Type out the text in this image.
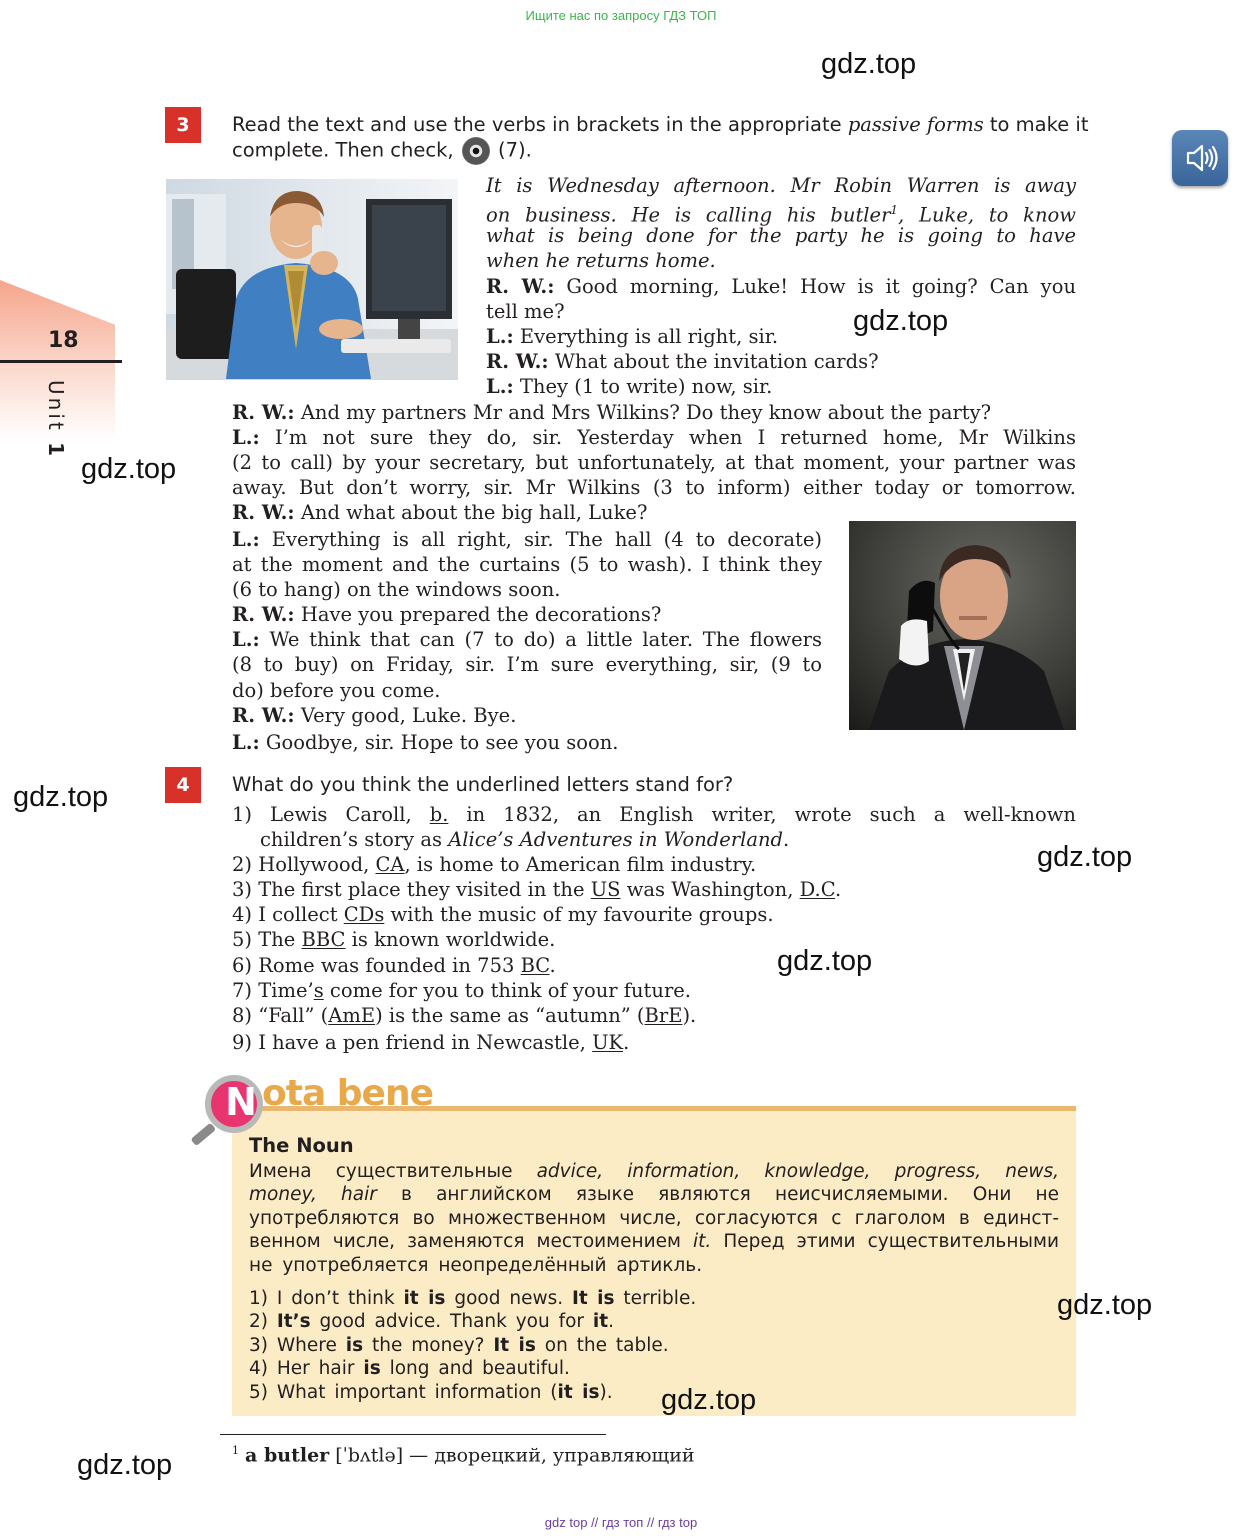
Ищите нас по запросу ГДЗ ТОП
18
Unit 1
3	Read the text and use the verbs in brackets in the appropriate passive forms to make it
complete. Then check, (7).
It is Wednesday afternoon. Mr Robin Warren is away
on business. He is calling his butler$^1$, Luke, to know
what is being done for the party he is going to have
when he returns home.
R. W.: Good morning, Luke! How is it going? Can you
tell me?
L.: Everything is all right, sir.
R. W.: What about the invitation cards?
L.: They (1 to write) now, sir.
R. W.: And my partners Mr and Mrs Wilkins? Do they know about the party?
L.: I’m not sure they do, sir. Yesterday when I returned home, Mr Wilkins
(2 to call) by your secretary, but unfortunately, at that moment, your partner was
away. But don’t worry, sir. Mr Wilkins (3 to inform) either today or tomorrow.
R. W.: And what about the big hall, Luke?
L.: Everything is all right, sir. The hall (4 to decorate)
at the moment and the curtains (5 to wash). I think they
(6 to hang) on the windows soon.
R. W.: Have you prepared the decorations?
L.: We think that can (7 to do) a little later. The flowers
(8 to buy) on Friday, sir. I’m sure everything, sir, (9 to
do) before you come.
R. W.: Very good, Luke. Bye.
L.: Goodbye, sir. Hope to see you soon.
4	What do you think the underlined letters stand for?
1) Lewis Caroll, b. in 1832, an English writer, wrote such a well-known
children’s story as Alice’s Adventures in Wonderland.
2) Hollywood, CA, is home to American film industry.
3) The first place they visited in the US was Washington, D.C.
4) I collect CDs with the music of my favourite groups.
5) The BBC is known worldwide.
6) Rome was founded in 753 BC.
7) Time’s come for you to think of your future.
8) “Fall” (AmE) is the same as “autumn” (BrE).
9) I have a pen friend in Newcastle, UK.
N ota bene
The Noun
Имена существительные advice, information, knowledge, progress, news,
money, hair в английском языке являются неисчисляемыми. Они не
употребляются во множественном числе, согласуются с глаголом в единст-
венном числе, заменяются местоимением it. Перед этими существительными
не употребляется неопределённый артикль.
1) I don’t think it is good news. It is terrible.
2) It’s good advice. Thank you for it.
3) Where is the money? It is on the table.
4) Her hair is long and beautiful.
5) What important information (it is).
$^1$ a butler [ˈbʌtlə] — дворецкий, управляющий
gdz.top
gdz.top
gdz.top
gdz.top
gdz.top
gdz.top
gdz.top
gdz.top
gdz.top
gdz top // гдз топ // гдз top
